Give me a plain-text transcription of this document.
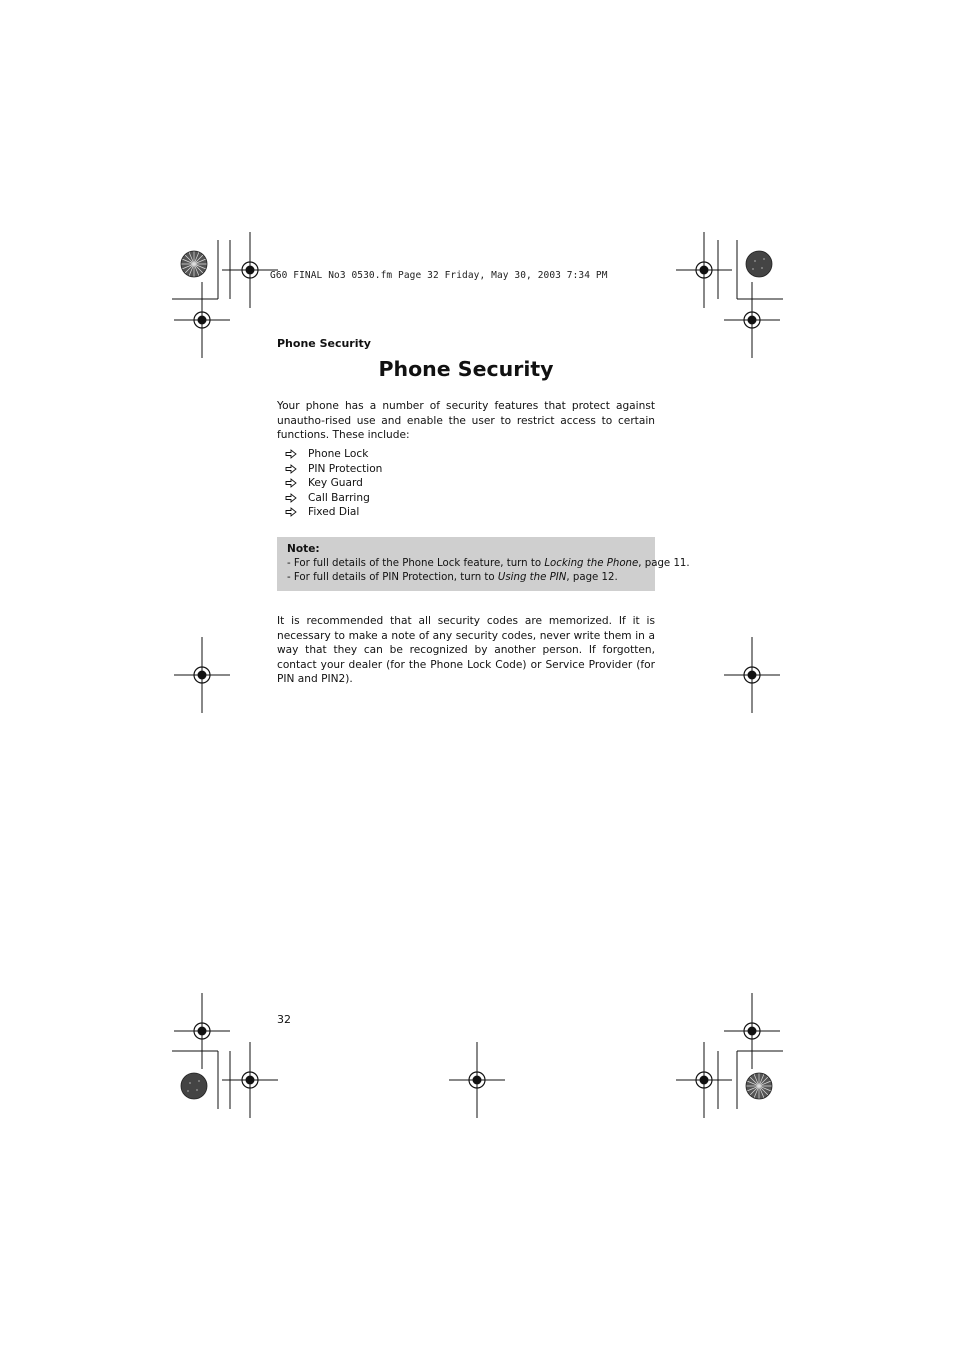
G60 FINAL No3 0530.fm Page 32 Friday, May 30, 2003 7:34 PM
Phone Security
Phone Security
Your phone has a number of security features that protect against unautho-rised use and enable the user to restrict access to certain functions. These include:
Phone Lock
PIN Protection
Key Guard
Call Barring
Fixed Dial
Note:
- For full details of the Phone Lock feature, turn to Locking the Phone, page 11.
- For full details of PIN Protection, turn to Using the PIN, page 12.
It is recommended that all security codes are memorized. If it is necessary to make a note of any security codes, never write them in a way that they can be recognized by another person. If forgotten, contact your dealer (for the Phone Lock Code) or Service Provider (for PIN and PIN2).
32
